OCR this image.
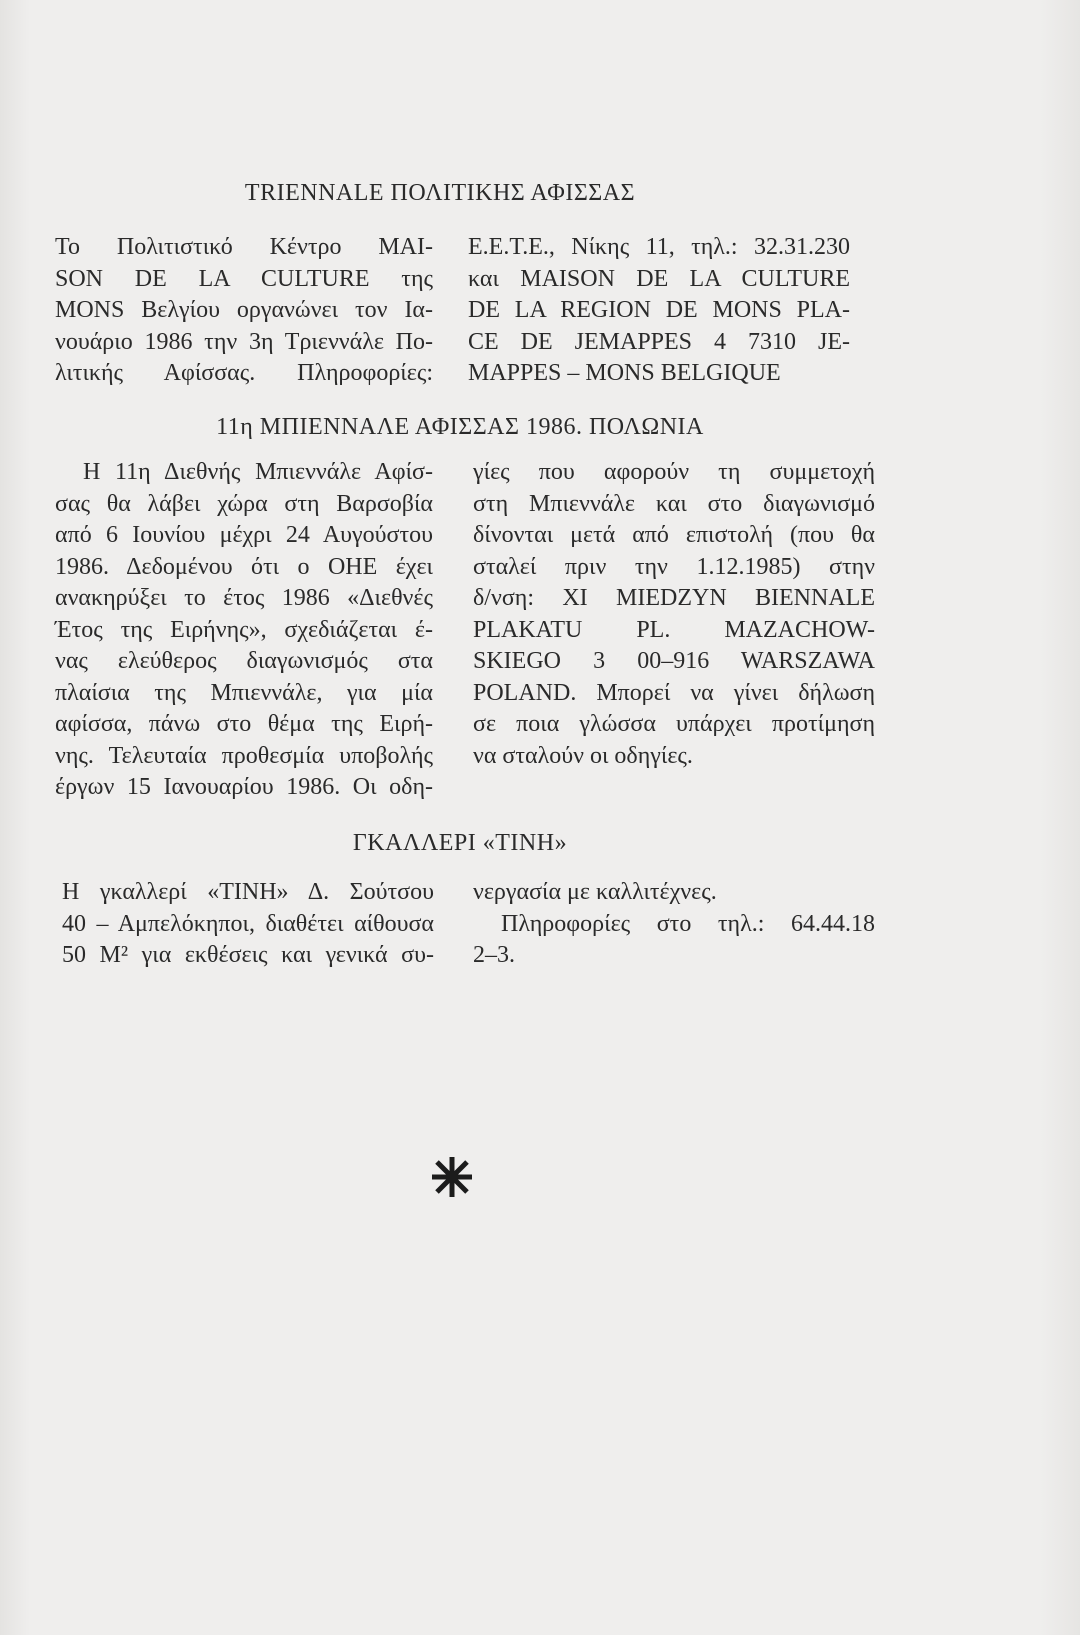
TRIENNALE ΠΟΛΙΤΙΚΗΣ ΑΦΙΣΣΑΣ
Το Πολιτιστικό Κέντρο MAI-
SON DE LA CULTURE της
MONS Βελγίου οργανώνει τον Ια-
νουάριο 1986 την 3η Τριεννάλε Πο-
λιτικής Αφίσσας. Πληροφορίες:
Ε.Ε.Τ.Ε., Νίκης 11, τηλ.: 32.31.230
και MAISON DE LA CULTURE
DE LA REGION DE MONS PLA-
CE DE JEMAPPES 4 7310 JE-
MAPPES – MONS BELGIQUE
11η ΜΠΙΕΝΝΑΛΕ ΑΦΙΣΣΑΣ 1986. ΠΟΛΩΝΙΑ
Η 11η Διεθνής Μπιεννάλε Αφίσ-
σας θα λάβει χώρα στη Βαρσοβία
από 6 Ιουνίου μέχρι 24 Αυγούστου
1986. Δεδομένου ότι ο ΟΗΕ έχει
ανακηρύξει το έτος 1986 «Διεθνές
Έτος της Ειρήνης», σχεδιάζεται έ-
νας ελεύθερος διαγωνισμός στα
πλαίσια της Μπιεννάλε, για μία
αφίσσα, πάνω στο θέμα της Ειρή-
νης. Τελευταία προθεσμία υποβολής
έργων 15 Ιανουαρίου 1986. Οι οδη-
γίες που αφορούν τη συμμετοχή
στη Μπιεννάλε και στο διαγωνισμό
δίνονται μετά από επιστολή (που θα
σταλεί πριν την 1.12.1985) στην
δ/νση: XI MIEDZYN BIENNALE
PLAKATU PL. MAZACHOW-
SKIEGO 3 00–916 WARSZAWA
POLAND. Μπορεί να γίνει δήλωση
σε ποια γλώσσα υπάρχει προτίμηση
να σταλούν οι οδηγίες.
ΓΚΑΛΛΕΡΙ «ΤΙΝΗ»
Η γκαλλερί «ΤΙΝΗ» Δ. Σούτσου
40 – Αμπελόκηποι, διαθέτει αίθουσα
50 Μ² για εκθέσεις και γενικά συ-
νεργασία με καλλιτέχνες.
Πληροφορίες στο τηλ.: 64.44.18
2–3.
